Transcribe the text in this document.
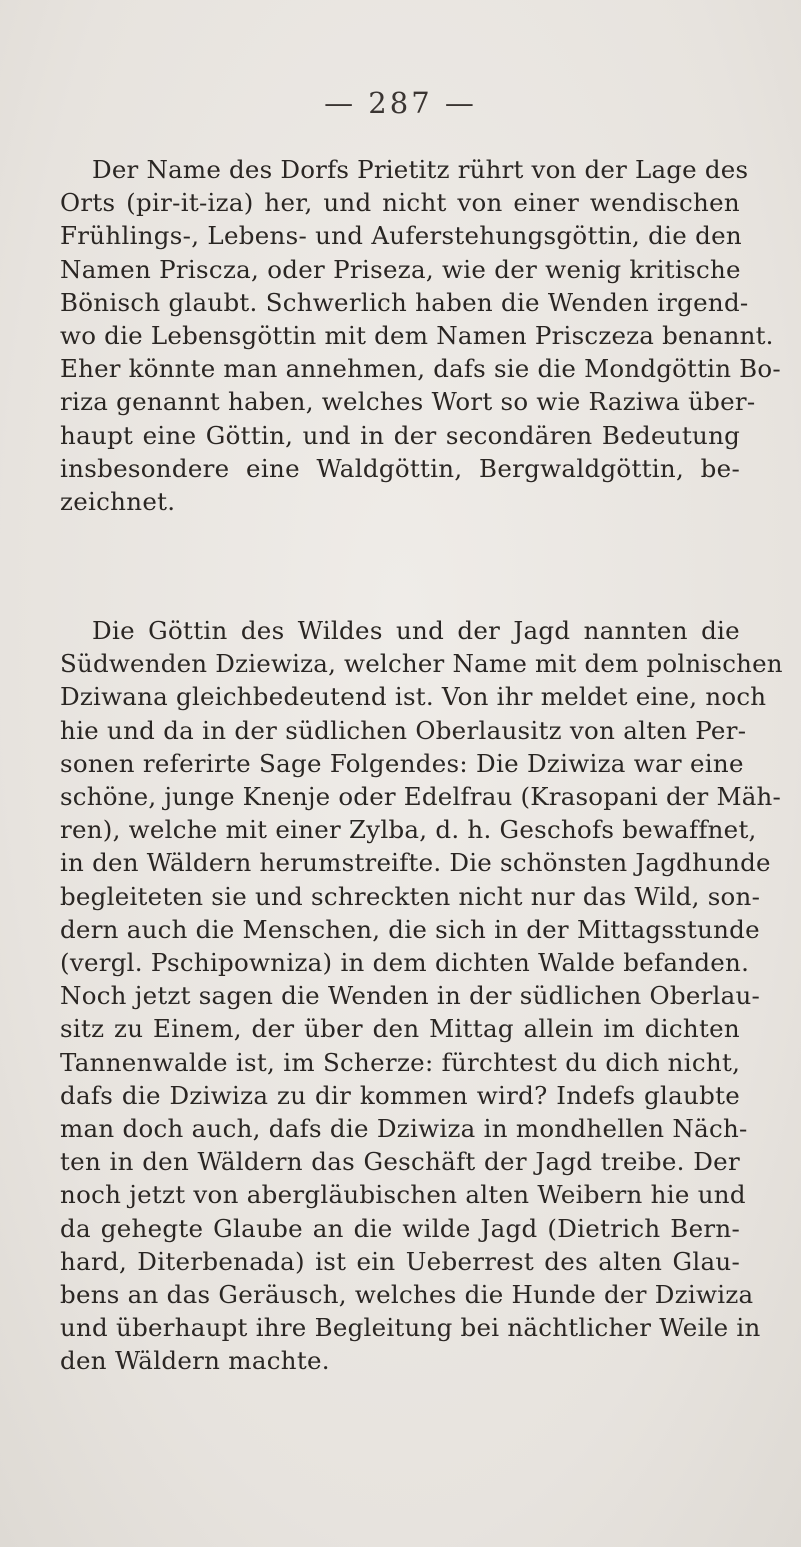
— 287 —
Der Name des Dorfs Prietitz rührt von der Lage des
Orts (pir-it-iza) her, und nicht von einer wendischen
Frühlings-, Lebens- und Auferstehungsgöttin, die den
Namen Priscza, oder Priseza, wie der wenig kritische
Bönisch glaubt. Schwerlich haben die Wenden irgend-
wo die Lebensgöttin mit dem Namen Prisczeza benannt.
Eher könnte man annehmen, dafs sie die Mondgöttin Bo-
riza genannt haben, welches Wort so wie Raziwa über-
haupt eine Göttin, und in der secondären Bedeutung
insbesondere eine Waldgöttin, Bergwaldgöttin, be-
zeichnet.
Die Göttin des Wildes und der Jagd nannten die
Südwenden Dziewiza, welcher Name mit dem polnischen
Dziwana gleichbedeutend ist. Von ihr meldet eine, noch
hie und da in der südlichen Oberlausitz von alten Per-
sonen referirte Sage Folgendes: Die Dziwiza war eine
schöne, junge Knenje oder Edelfrau (Krasopani der Mäh-
ren), welche mit einer Zylba, d. h. Geschofs bewaffnet,
in den Wäldern herumstreifte. Die schönsten Jagdhunde
begleiteten sie und schreckten nicht nur das Wild, son-
dern auch die Menschen, die sich in der Mittagsstunde
(vergl. Pschipowniza) in dem dichten Walde befanden.
Noch jetzt sagen die Wenden in der südlichen Oberlau-
sitz zu Einem, der über den Mittag allein im dichten
Tannenwalde ist, im Scherze: fürchtest du dich nicht,
dafs die Dziwiza zu dir kommen wird? Indefs glaubte
man doch auch, dafs die Dziwiza in mondhellen Näch-
ten in den Wäldern das Geschäft der Jagd treibe. Der
noch jetzt von abergläubischen alten Weibern hie und
da gehegte Glaube an die wilde Jagd (Dietrich Bern-
hard, Diterbenada) ist ein Ueberrest des alten Glau-
bens an das Geräusch, welches die Hunde der Dziwiza
und überhaupt ihre Begleitung bei nächtlicher Weile in
den Wäldern machte.
